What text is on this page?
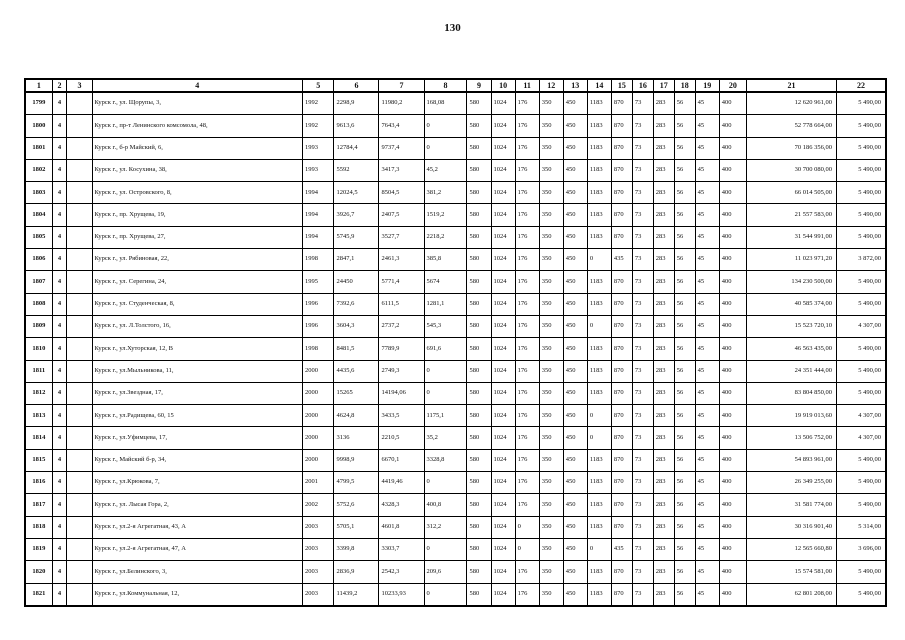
130
1	2	3	4	5	6	7	8	9	10	11	12	13	14	15	16	17	18	19	20	21	22
1799	4		Курск г., ул. Щорупы, 3,	1992	2298,9	11980,2	168,08	580	1024	176	350	450	1183	870	73	283	56	45	400	12 620 961,00	5 490,00
1800	4		Курск г., пр-т Ленинского комсомола, 48,	1992	9613,6	7643,4	0	580	1024	176	350	450	1183	870	73	283	56	45	400	52 778 664,00	5 490,00
1801	4		Курск г., б-р Майский, 6,	1993	12784,4	9737,4	0	580	1024	176	350	450	1183	870	73	283	56	45	400	70 186 356,00	5 490,00
1802	4		Курск г., ул. Косухина, 38,	1993	5592	3417,3	45,2	580	1024	176	350	450	1183	870	73	283	56	45	400	30 700 080,00	5 490,00
1803	4		Курск г., ул. Островского, 8,	1994	12024,5	8504,5	381,2	580	1024	176	350	450	1183	870	73	283	56	45	400	66 014 505,00	5 490,00
1804	4		Курск г., пр. Хрущева, 19,	1994	3926,7	2407,5	1519,2	580	1024	176	350	450	1183	870	73	283	56	45	400	21 557 583,00	5 490,00
1805	4		Курск г., пр. Хрущева, 27,	1994	5745,9	3527,7	2218,2	580	1024	176	350	450	1183	870	73	283	56	45	400	31 544 991,00	5 490,00
1806	4		Курск г., ул. Рябиновая, 22,	1998	2847,1	2461,3	385,8	580	1024	176	350	450	0	435	73	283	56	45	400	11 023 971,20	3 872,00
1807	4		Курск г., ул. Серегина, 24,	1995	24450	5771,4	5674	580	1024	176	350	450	1183	870	73	283	56	45	400	134 230 500,00	5 490,00
1808	4		Курск г., ул. Студенческая, 8,	1996	7392,6	6111,5	1281,1	580	1024	176	350	450	1183	870	73	283	56	45	400	40 585 374,00	5 490,00
1809	4		Курск г., ул. Л.Толстого, 16,	1996	3604,3	2737,2	545,3	580	1024	176	350	450	0	870	73	283	56	45	400	15 523 720,10	4 307,00
1810	4		Курск г., ул.Хуторская, 12, В	1998	8481,5	7789,9	691,6	580	1024	176	350	450	1183	870	73	283	56	45	400	46 563 435,00	5 490,00
1811	4		Курск г., ул.Мыльникова, 11,	2000	4435,6	2749,3	0	580	1024	176	350	450	1183	870	73	283	56	45	400	24 351 444,00	5 490,00
1812	4		Курск г., ул.Звездная, 17,	2000	15265	14194,06	0	580	1024	176	350	450	1183	870	73	283	56	45	400	83 804 850,00	5 490,00
1813	4		Курск г., ул.Радищева, 60, 15	2000	4624,8	3433,5	1175,1	580	1024	176	350	450	0	870	73	283	56	45	400	19 919 013,60	4 307,00
1814	4		Курск г., ул.Уфимцева, 17,	2000	3136	2210,5	35,2	580	1024	176	350	450	0	870	73	283	56	45	400	13 506 752,00	4 307,00
1815	4		Курск г., Майский б-р, 34,	2000	9998,9	6670,1	3328,8	580	1024	176	350	450	1183	870	73	283	56	45	400	54 893 961,00	5 490,00
1816	4		Курск г., ул.Крюкова, 7,	2001	4799,5	4419,46	0	580	1024	176	350	450	1183	870	73	283	56	45	400	26 349 255,00	5 490,00
1817	4		Курск г., ул. Лысая Гора, 2,	2002	5752,6	4328,3	400,8	580	1024	176	350	450	1183	870	73	283	56	45	400	31 581 774,00	5 490,00
1818	4		Курск г., ул.2-я Агрегатная, 43, А	2003	5705,1	4601,8	312,2	580	1024	0	350	450	1183	870	73	283	56	45	400	30 316 901,40	5 314,00
1819	4		Курск г., ул.2-я Агрегатная, 47, А	2003	3399,8	3303,7	0	580	1024	0	350	450	0	435	73	283	56	45	400	12 565 660,80	3 696,00
1820	4		Курск г., ул.Белинского, 3,	2003	2836,9	2542,3	209,6	580	1024	176	350	450	1183	870	73	283	56	45	400	15 574 581,00	5 490,00
1821	4		Курск г., ул.Коммунальная, 12,	2003	11439,2	10233,93	0	580	1024	176	350	450	1183	870	73	283	56	45	400	62 801 208,00	5 490,00
